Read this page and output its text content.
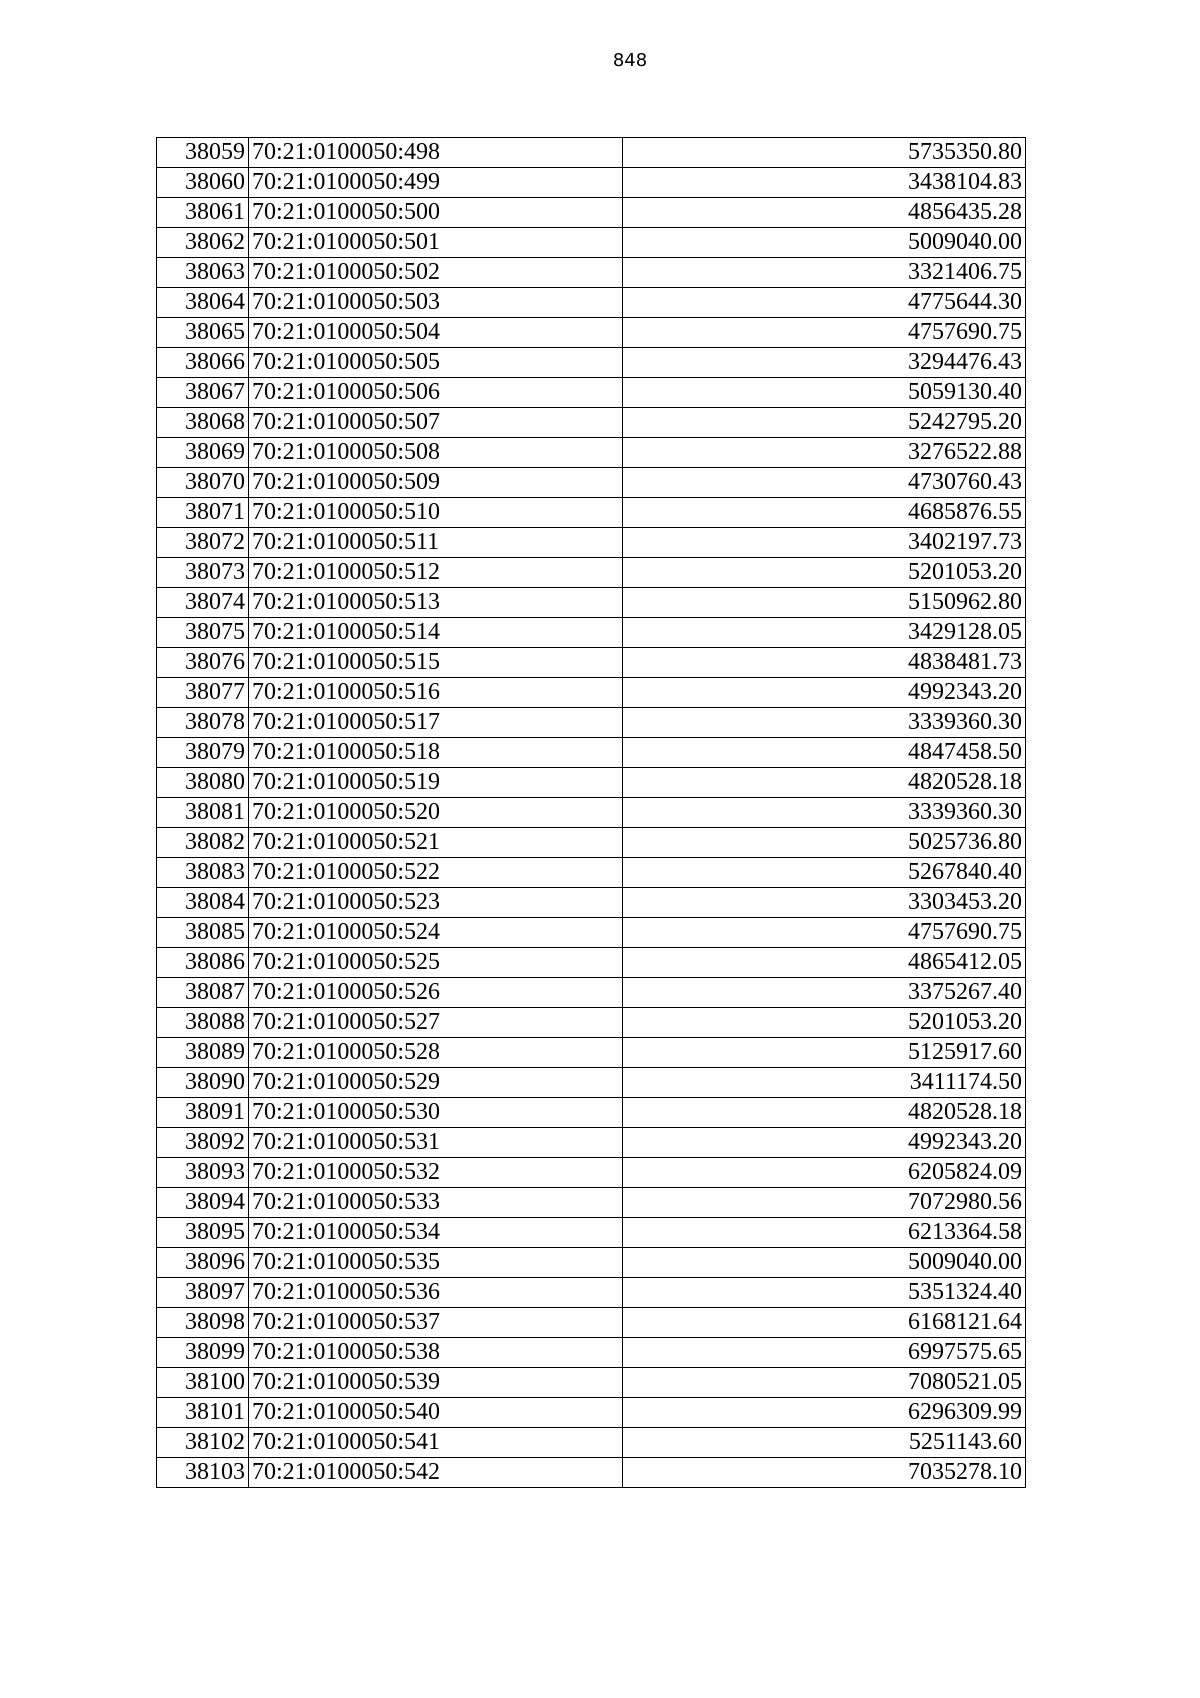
848
38059	70:21:0100050:498	5735350.80
38060	70:21:0100050:499	3438104.83
38061	70:21:0100050:500	4856435.28
38062	70:21:0100050:501	5009040.00
38063	70:21:0100050:502	3321406.75
38064	70:21:0100050:503	4775644.30
38065	70:21:0100050:504	4757690.75
38066	70:21:0100050:505	3294476.43
38067	70:21:0100050:506	5059130.40
38068	70:21:0100050:507	5242795.20
38069	70:21:0100050:508	3276522.88
38070	70:21:0100050:509	4730760.43
38071	70:21:0100050:510	4685876.55
38072	70:21:0100050:511	3402197.73
38073	70:21:0100050:512	5201053.20
38074	70:21:0100050:513	5150962.80
38075	70:21:0100050:514	3429128.05
38076	70:21:0100050:515	4838481.73
38077	70:21:0100050:516	4992343.20
38078	70:21:0100050:517	3339360.30
38079	70:21:0100050:518	4847458.50
38080	70:21:0100050:519	4820528.18
38081	70:21:0100050:520	3339360.30
38082	70:21:0100050:521	5025736.80
38083	70:21:0100050:522	5267840.40
38084	70:21:0100050:523	3303453.20
38085	70:21:0100050:524	4757690.75
38086	70:21:0100050:525	4865412.05
38087	70:21:0100050:526	3375267.40
38088	70:21:0100050:527	5201053.20
38089	70:21:0100050:528	5125917.60
38090	70:21:0100050:529	3411174.50
38091	70:21:0100050:530	4820528.18
38092	70:21:0100050:531	4992343.20
38093	70:21:0100050:532	6205824.09
38094	70:21:0100050:533	7072980.56
38095	70:21:0100050:534	6213364.58
38096	70:21:0100050:535	5009040.00
38097	70:21:0100050:536	5351324.40
38098	70:21:0100050:537	6168121.64
38099	70:21:0100050:538	6997575.65
38100	70:21:0100050:539	7080521.05
38101	70:21:0100050:540	6296309.99
38102	70:21:0100050:541	5251143.60
38103	70:21:0100050:542	7035278.10
